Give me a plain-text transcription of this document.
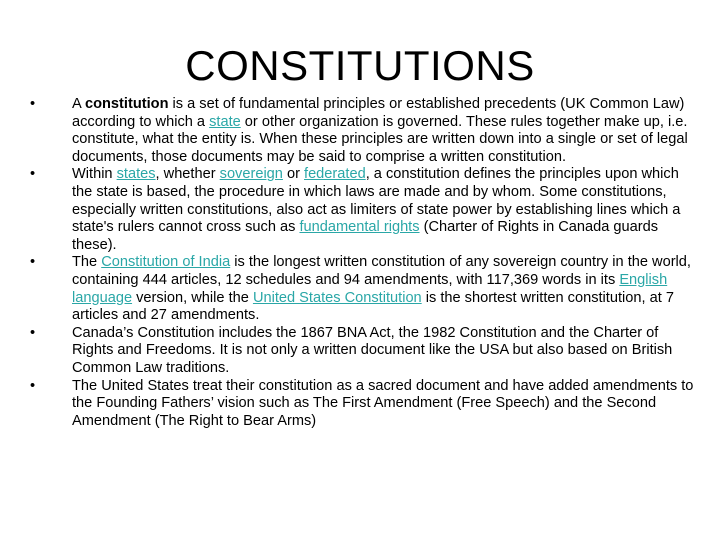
CONSTITUTIONS
•	A constitution is a set of fundamental principles or established precedents (UK Common Law) according to which a state or other organization is governed. These rules together make up, i.e. constitute, what the entity is. When these principles are written down into a single or set of legal documents, those documents may be said to comprise a written constitution.
•	Within states, whether sovereign or federated, a constitution defines the principles upon which the state is based, the procedure in which laws are made and by whom. Some constitutions, especially written constitutions, also act as limiters of state power by establishing lines which a state's rulers cannot cross such as fundamental rights (Charter of Rights in Canada guards these).
•	The Constitution of India is the longest written constitution of any sovereign country in the world, containing 444 articles, 12 schedules and 94 amendments, with 117,369 words in its English language version, while the United States Constitution is the shortest written constitution, at 7 articles and 27 amendments.
•	Canada’s Constitution includes the 1867 BNA Act, the 1982 Constitution and the Charter of Rights and Freedoms. It is not only a written document like the USA but also based on British Common Law traditions.
•	The United States treat their constitution as a sacred document and have added amendments to the Founding Fathers’ vision such as The First Amendment (Free Speech) and the Second Amendment (The Right to Bear Arms)
